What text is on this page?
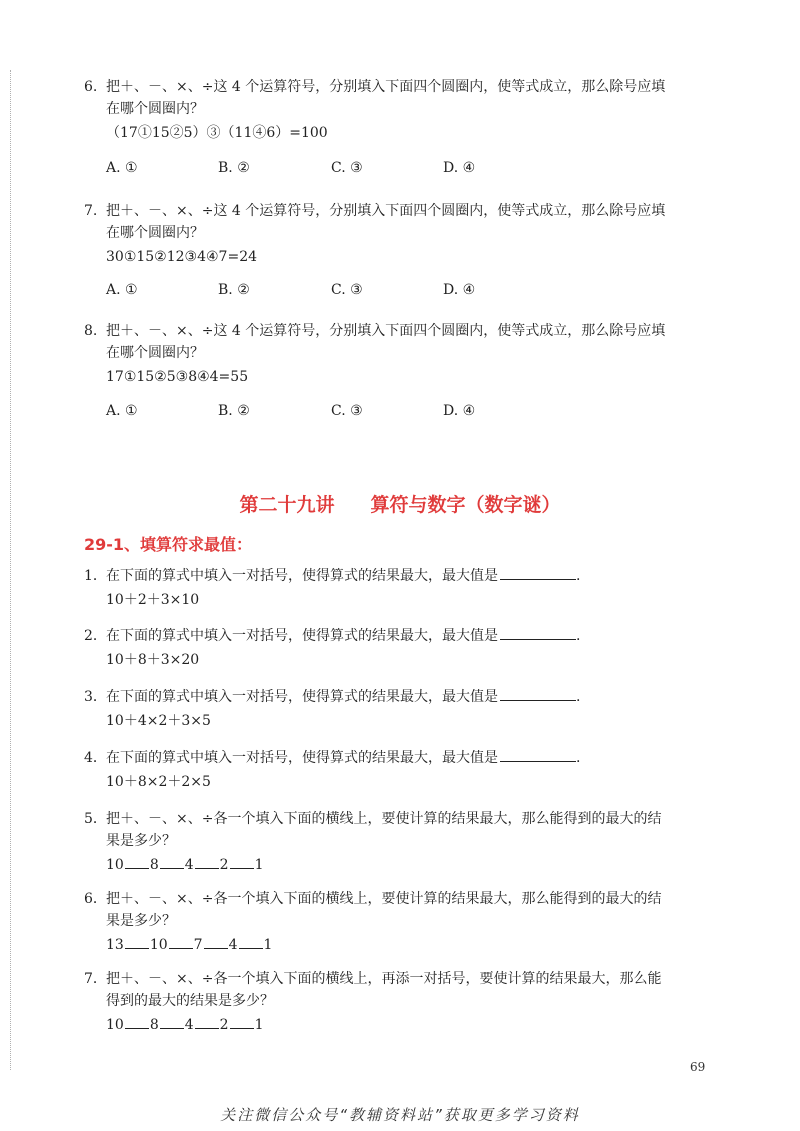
6. 把＋、－、×、÷这 4 个运算符号，分别填入下面四个圆圈内，使等式成立，那么除号应填
在哪个圆圈内？
（17①15②5）③（11④6）=100
A. ①	B. ②	C. ③	D. ④
7. 把＋、－、×、÷这 4 个运算符号，分别填入下面四个圆圈内，使等式成立，那么除号应填
在哪个圆圈内？
30①15②12③4④7=24
A. ①	B. ②	C. ③	D. ④
8. 把＋、－、×、÷这 4 个运算符号，分别填入下面四个圆圈内，使等式成立，那么除号应填
在哪个圆圈内？
17①15②5③8④4=55
A. ①	B. ②	C. ③	D. ④
第二十九讲 算符与数字（数字谜）
29-1、填算符求最值：
1．在下面的算式中填入一对括号，使得算式的结果最大，最大值是	.
10＋2＋3×10
2．在下面的算式中填入一对括号，使得算式的结果最大，最大值是	.
10＋8＋3×20
3．在下面的算式中填入一对括号，使得算式的结果最大，最大值是	.
10＋4×2＋3×5
4．在下面的算式中填入一对括号，使得算式的结果最大，最大值是	.
10＋8×2＋2×5
5．把＋、－、×、÷各一个填入下面的横线上，要使计算的结果最大，那么能得到的最大的结
果是多少？
10 8 4 2 1
6．把＋、－、×、÷各一个填入下面的横线上，要使计算的结果最大，那么能得到的最大的结
果是多少？
13 10 7 4 1
7．把＋、－、×、÷各一个填入下面的横线上，再添一对括号，要使计算的结果最大，那么能
得到的最大的结果是多少？
10 8 4 2 1
69
关注微信公众号“教辅资料站”获取更多学习资料
